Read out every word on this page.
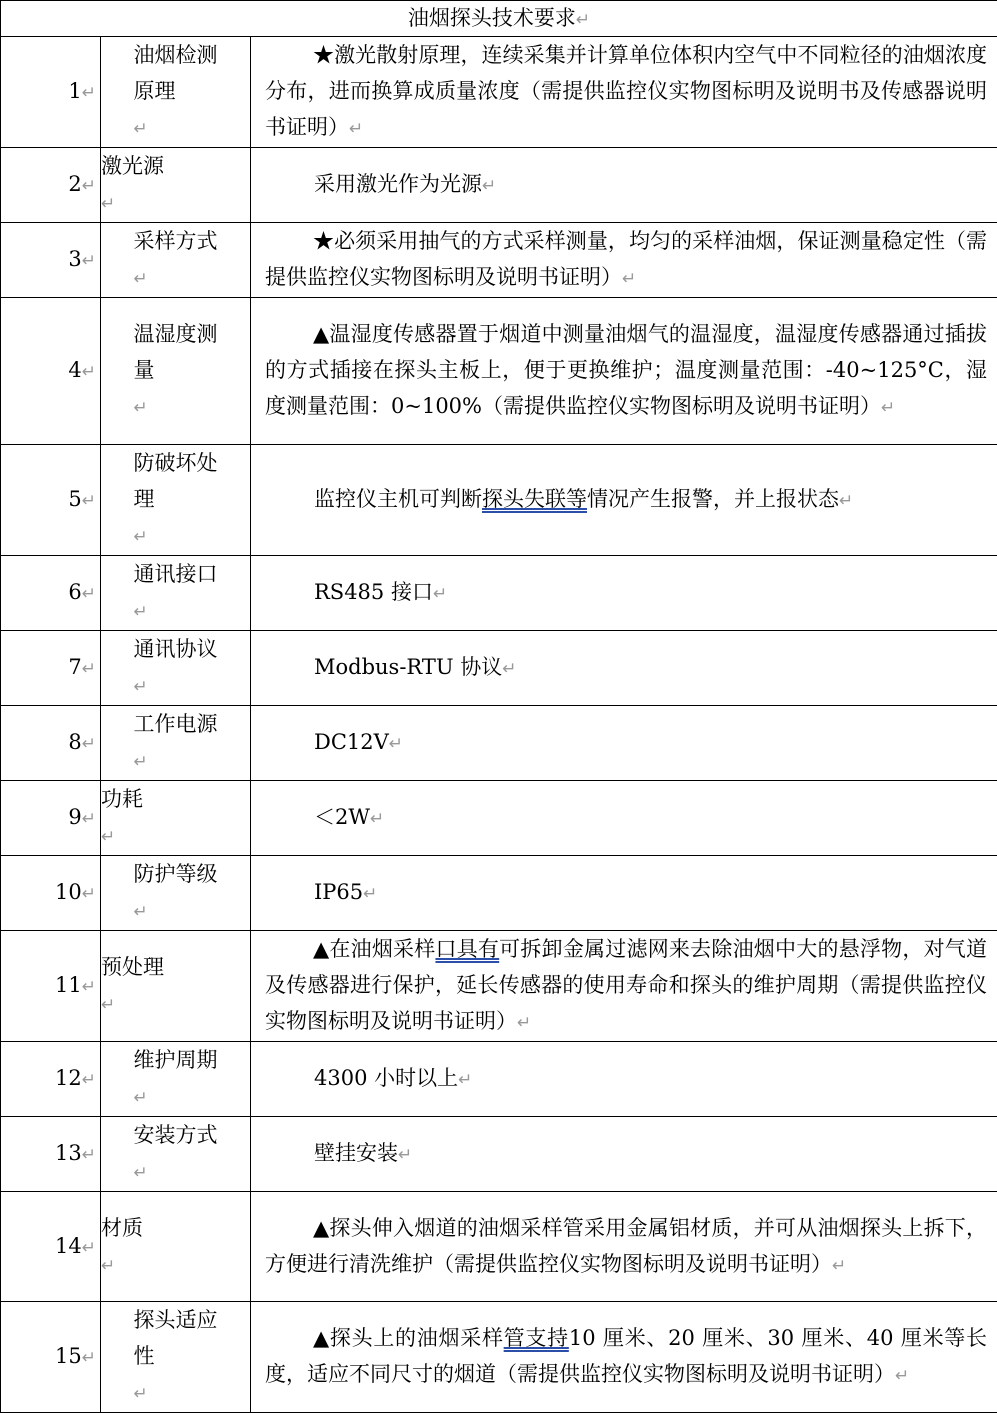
油烟探头技术要求↵		
1↵	油烟检测原理↵	★激光散射原理，连续采集并计算单位体积内空气中不同粒径的油烟浓度分布，进而换算成质量浓度（需提供监控仪实物图标明及说明书及传感器说明书证明）↵
2↵	激光源↵	采用激光作为光源↵
3↵	采样方式↵	★必须采用抽气的方式采样测量，均匀的采样油烟，保证测量稳定性（需提供监控仪实物图标明及说明书证明）↵
4↵	温湿度测量↵	▲温湿度传感器置于烟道中测量油烟气的温湿度，温湿度传感器通过插拔的方式插接在探头主板上，便于更换维护；温度测量范围：-40~125°C，湿度测量范围：0~100%（需提供监控仪实物图标明及说明书证明）↵
5↵	防破坏处理↵	监控仪主机可判断探头失联等情况产生报警，并上报状态↵
6↵	通讯接口↵	RS485 接口↵
7↵	通讯协议↵	Modbus-RTU 协议↵
8↵	工作电源↵	DC12V↵
9↵	功耗↵	＜2W↵
10↵	防护等级↵	IP65↵
11↵	预处理↵	▲在油烟采样口具有可拆卸金属过滤网来去除油烟中大的悬浮物，对气道及传感器进行保护，延长传感器的使用寿命和探头的维护周期（需提供监控仪实物图标明及说明书证明）↵
12↵	维护周期↵	4300 小时以上↵
13↵	安装方式↵	壁挂安装↵
14↵	材质↵	▲探头伸入烟道的油烟采样管采用金属铝材质，并可从油烟探头上拆下，方便进行清洗维护（需提供监控仪实物图标明及说明书证明）↵
15↵	探头适应性↵	▲探头上的油烟采样管支持10 厘米、20 厘米、30 厘米、40 厘米等长度，适应不同尺寸的烟道（需提供监控仪实物图标明及说明书证明）↵
